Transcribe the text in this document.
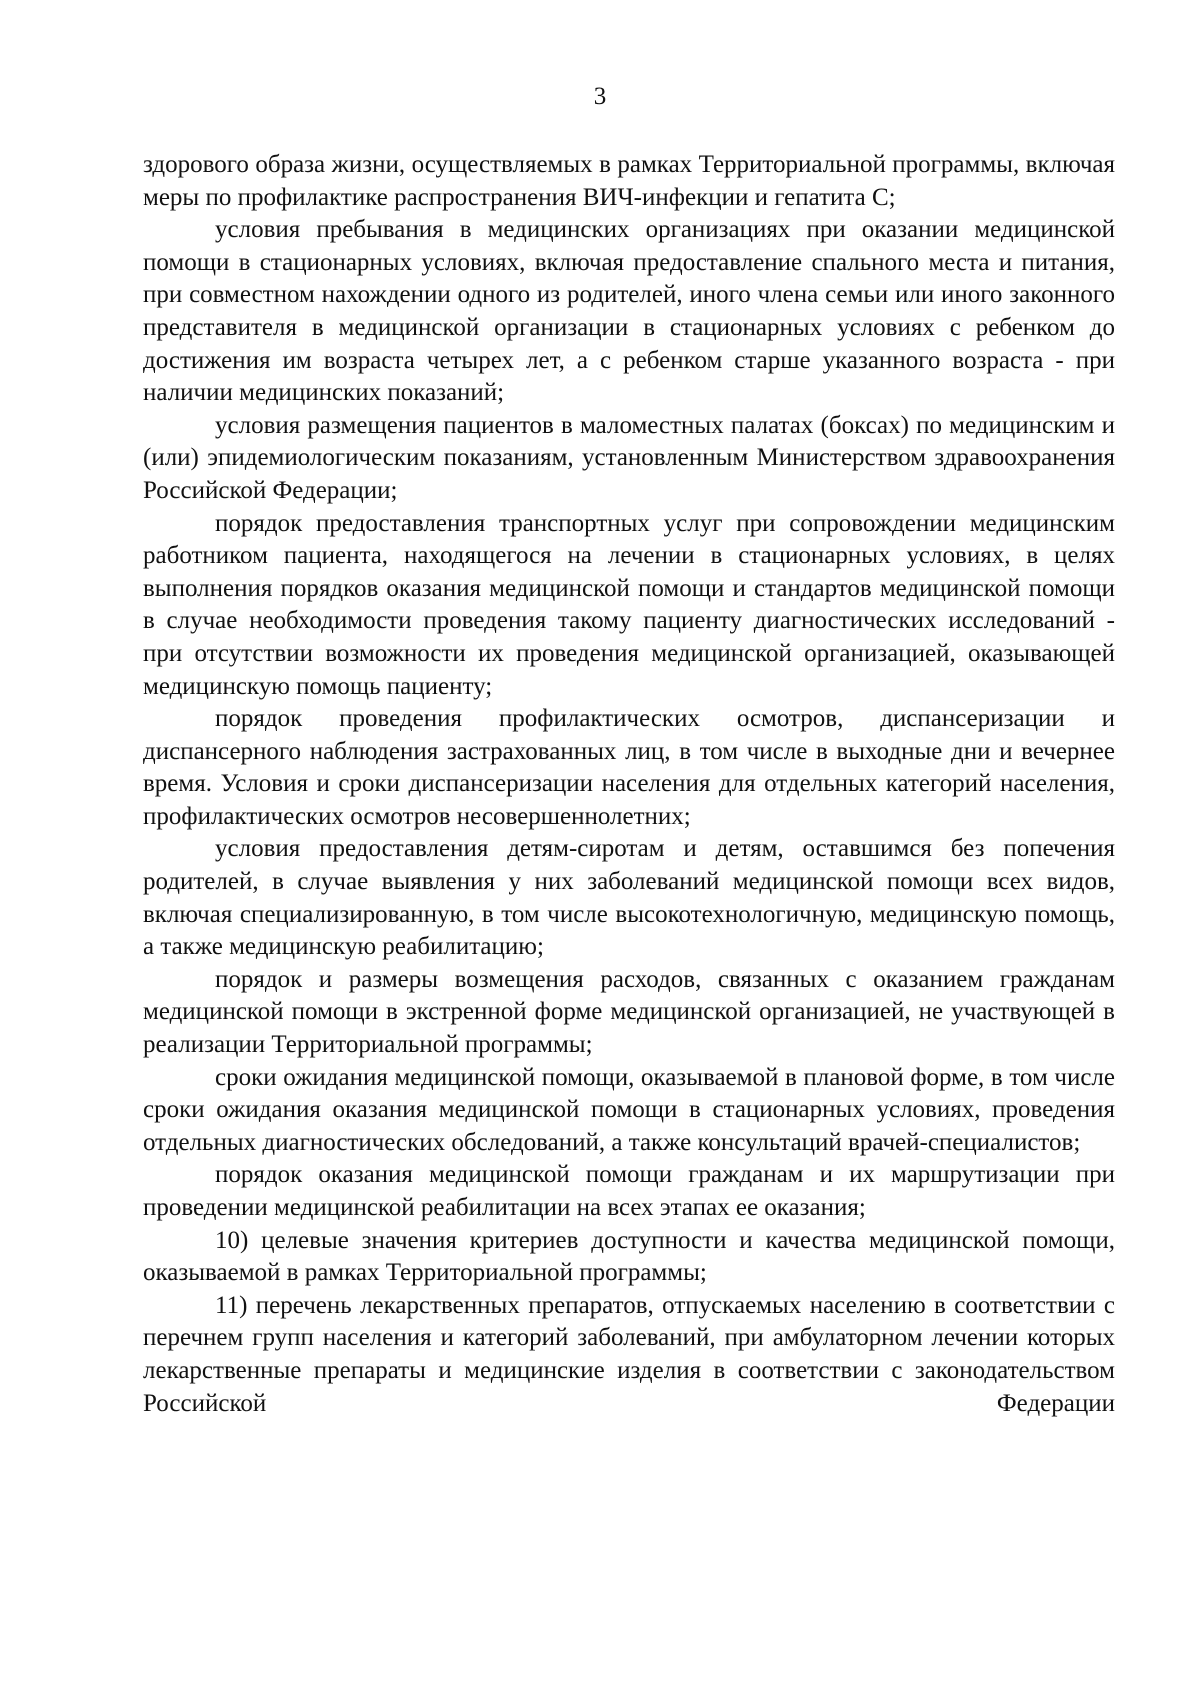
3

здорового образа жизни, осуществляемых в рамках Территориальной программы, включая меры по профилактике распространения ВИЧ-инфекции и гепатита С;

условия пребывания в медицинских организациях при оказании медицинской помощи в стационарных условиях, включая предоставление спального места и питания, при совместном нахождении одного из родителей, иного члена семьи или иного законного представителя в медицинской организации в стационарных условиях с ребенком до достижения им возраста четырех лет, а с ребенком старше указанного возраста - при наличии медицинских показаний;

условия размещения пациентов в маломестных палатах (боксах) по медицинским и (или) эпидемиологическим показаниям, установленным Министерством здравоохранения Российской Федерации;

порядок предоставления транспортных услуг при сопровождении медицинским работником пациента, находящегося на лечении в стационарных условиях, в целях выполнения порядков оказания медицинской помощи и стандартов медицинской помощи в случае необходимости проведения такому пациенту диагностических исследований - при отсутствии возможности их проведения медицинской организацией, оказывающей медицинскую помощь пациенту;

порядок проведения профилактических осмотров, диспансеризации и диспансерного наблюдения застрахованных лиц, в том числе в выходные дни и вечернее время. Условия и сроки диспансеризации населения для отдельных категорий населения, профилактических осмотров несовершеннолетних;

условия предоставления детям-сиротам и детям, оставшимся без попечения родителей, в случае выявления у них заболеваний медицинской помощи всех видов, включая специализированную, в том числе высокотехнологичную, медицинскую помощь, а также медицинскую реабилитацию;

порядок и размеры возмещения расходов, связанных с оказанием гражданам медицинской помощи в экстренной форме медицинской организацией, не участвующей в реализации Территориальной программы;

сроки ожидания медицинской помощи, оказываемой в плановой форме, в том числе сроки ожидания оказания медицинской помощи в стационарных условиях, проведения отдельных диагностических обследований, а также консультаций врачей-специалистов;

порядок оказания медицинской помощи гражданам и их маршрутизации при проведении медицинской реабилитации на всех этапах ее оказания;

10) целевые значения критериев доступности и качества медицинской помощи, оказываемой в рамках Территориальной программы;

11) перечень лекарственных препаратов, отпускаемых населению в соответствии с перечнем групп населения и категорий заболеваний, при амбулаторном лечении которых лекарственные препараты и медицинские изделия в соответствии с законодательством Российской Федерации
